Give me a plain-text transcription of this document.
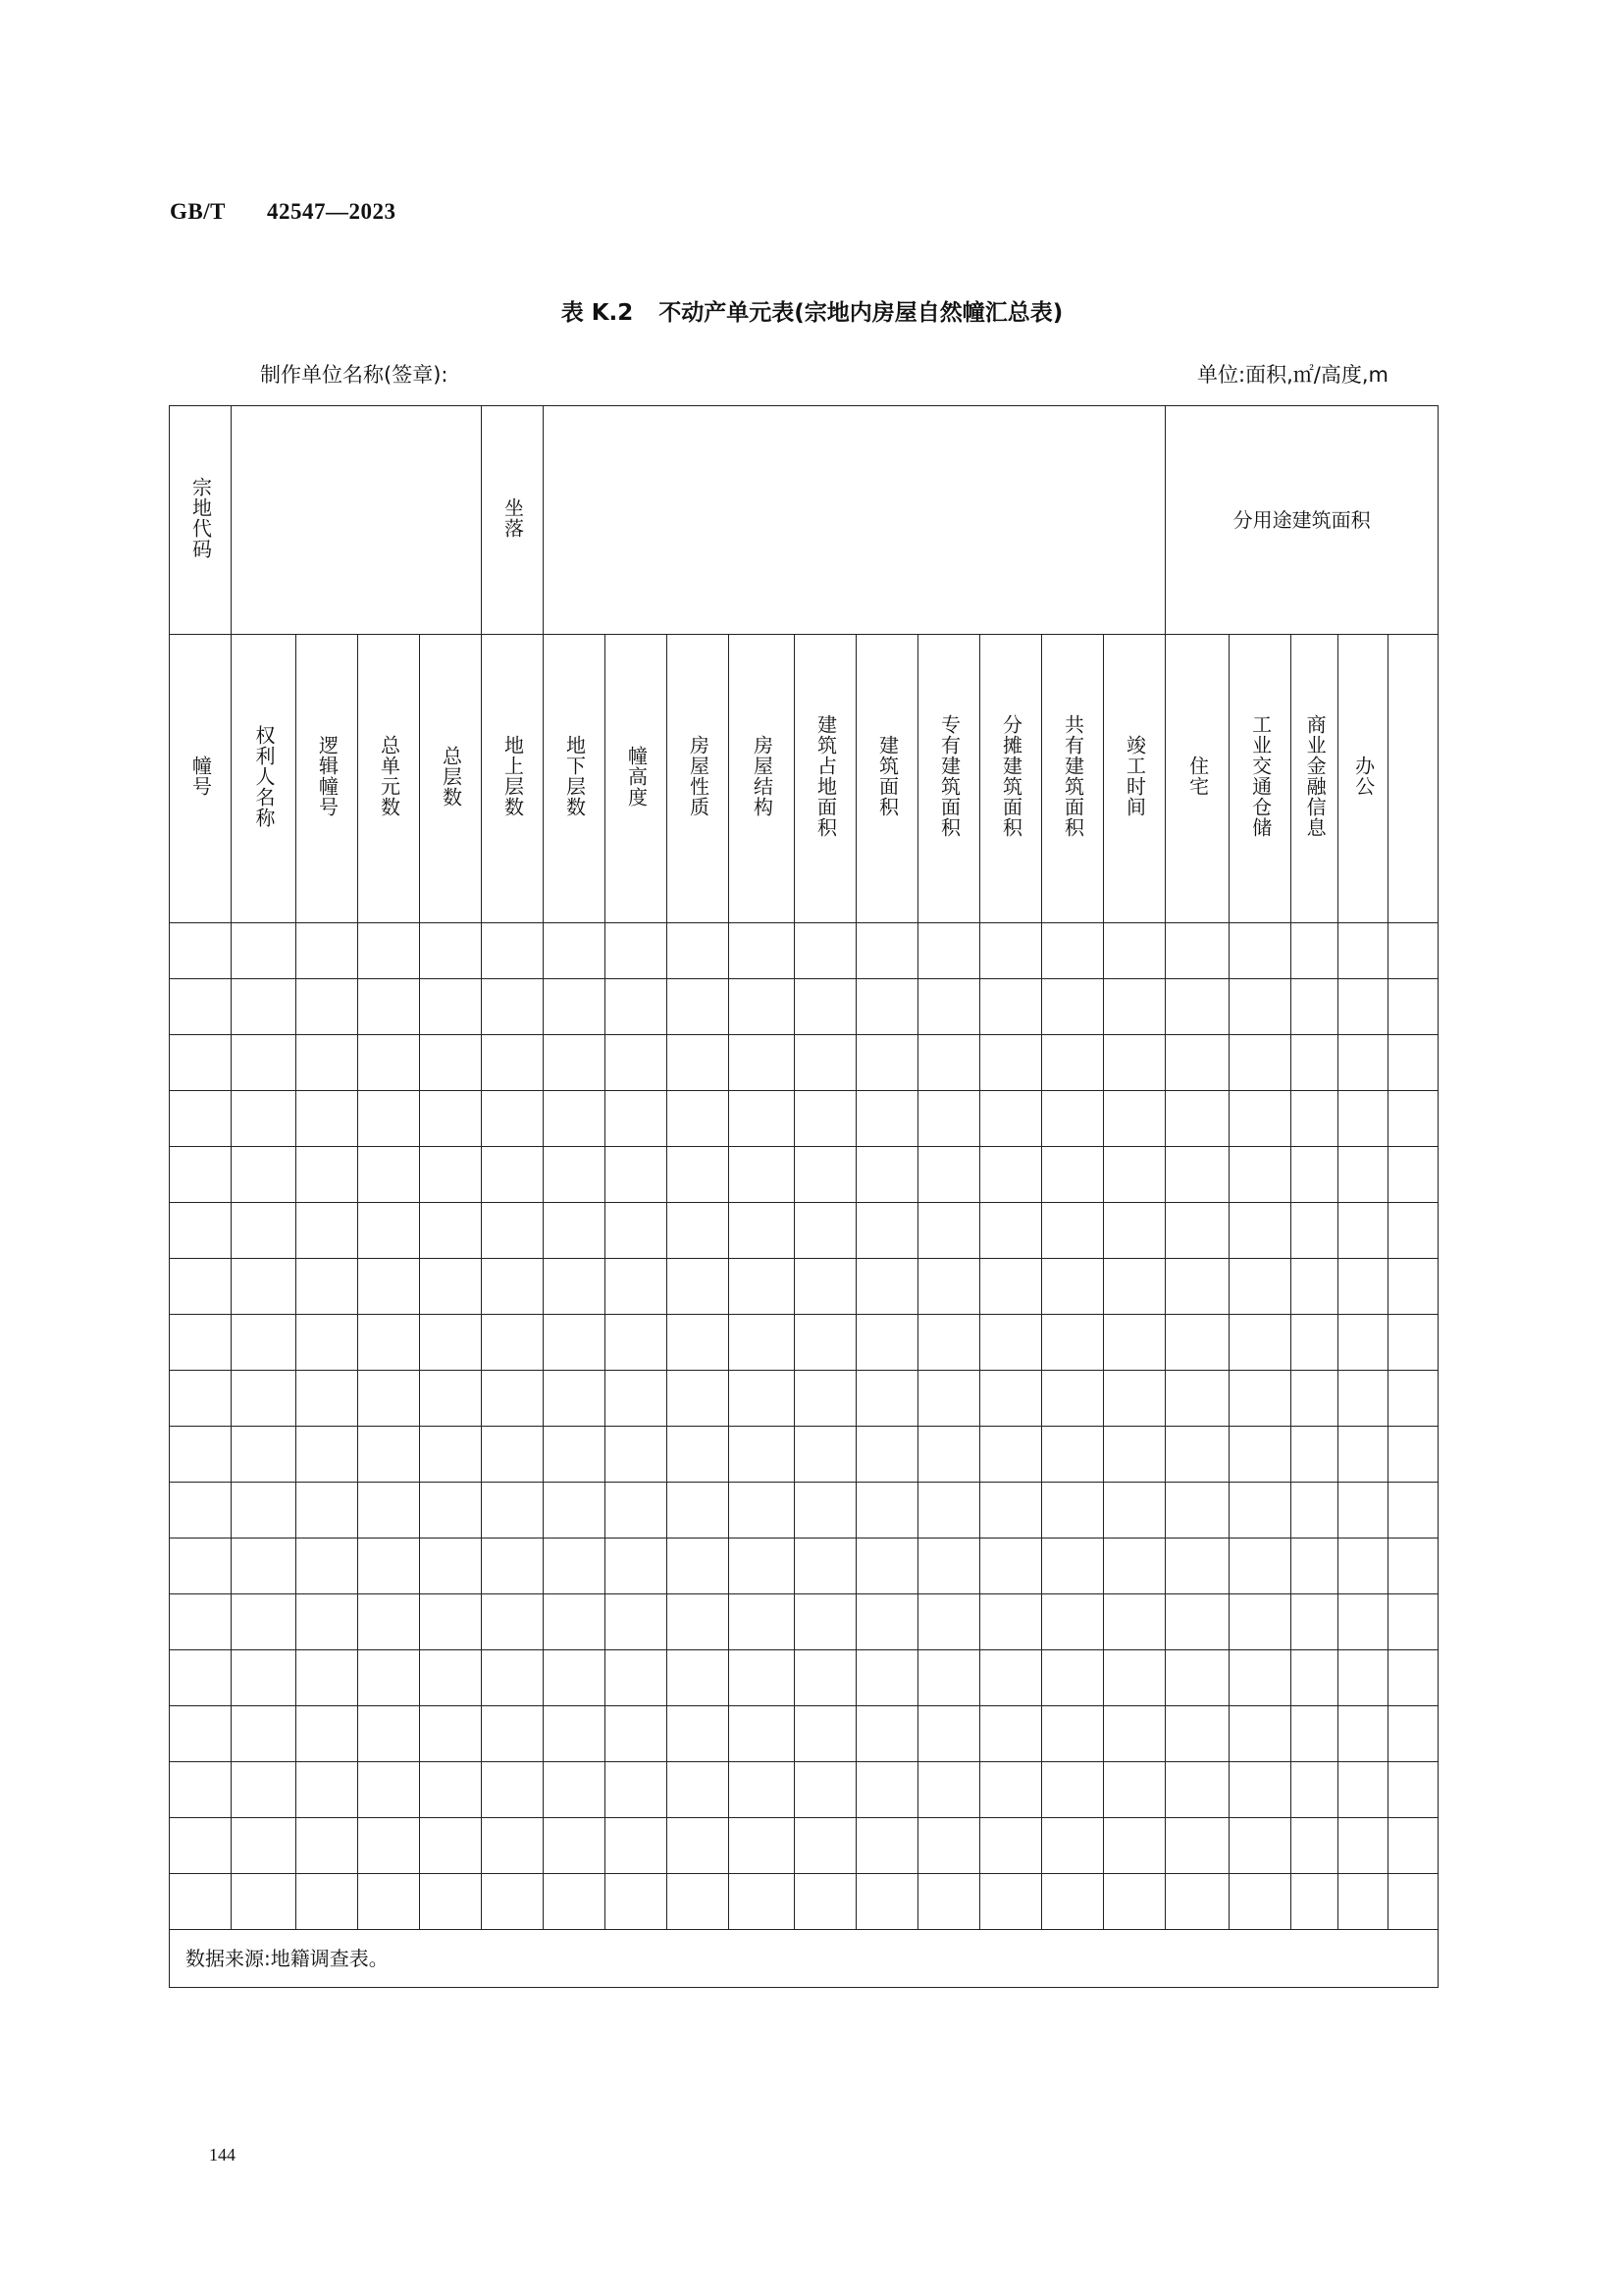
GB/T 42547—2023
表 K.2 不动产单元表(宗地内房屋自然幢汇总表)
制作单位名称(签章):	单位:面积,㎡/高度,m
宗地代码					坐落											分用途建筑面积				
幢号	权利人名称	逻辑幢号	总单元数	总层数	地上层数	地下层数	幢高度	房屋性质	房屋结构	建筑占地面积	建筑面积	专有建筑面积	分摊建筑面积	共有建筑面积	竣工时间	住宅	工业交通仓储	商业金融信息	办公	

数据来源:地籍调查表。																				
144
